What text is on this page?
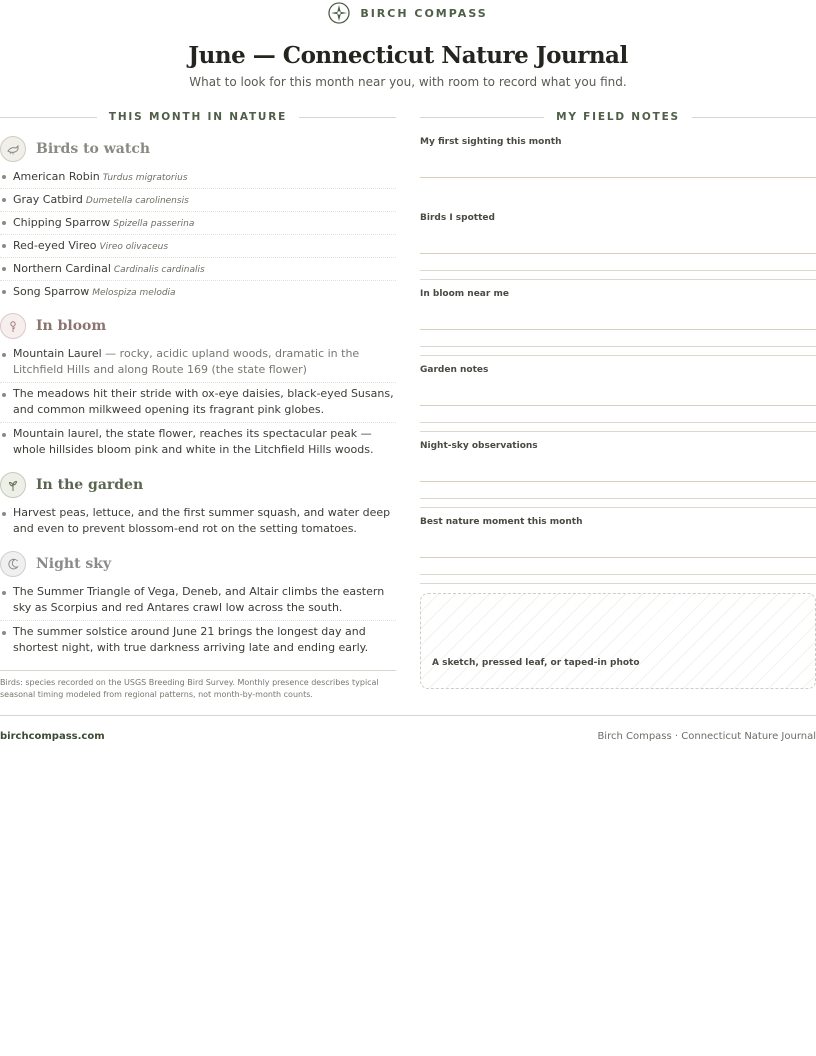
BIRCH COMPASS
June — Connecticut Nature Journal
What to look for this month near you, with room to record what you find.
THIS MONTH IN NATURE
Birds to watch
American Robin Turdus migratorius
Gray Catbird Dumetella carolinensis
Chipping Sparrow Spizella passerina
Red-eyed Vireo Vireo olivaceus
Northern Cardinal Cardinalis cardinalis
Song Sparrow Melospiza melodia
In bloom
Mountain Laurel — rocky, acidic upland woods, dramatic in the Litchfield Hills and along Route 169 (the state flower)
The meadows hit their stride with ox-eye daisies, black-eyed Susans, and common milkweed opening its fragrant pink globes.
Mountain laurel, the state flower, reaches its spectacular peak — whole hillsides bloom pink and white in the Litchfield Hills woods.
In the garden
Harvest peas, lettuce, and the first summer squash, and water deep and even to prevent blossom-end rot on the setting tomatoes.
Night sky
The Summer Triangle of Vega, Deneb, and Altair climbs the eastern sky as Scorpius and red Antares crawl low across the south.
The summer solstice around June 21 brings the longest day and shortest night, with true darkness arriving late and ending early.
Birds: species recorded on the USGS Breeding Bird Survey. Monthly presence describes typical seasonal timing modeled from regional patterns, not month-by-month counts.
MY FIELD NOTES
My first sighting this month
Birds I spotted
In bloom near me
Garden notes
Night-sky observations
Best nature moment this month
A sketch, pressed leaf, or taped-in photo
birchcompass.com	Birch Compass · Connecticut Nature Journal
